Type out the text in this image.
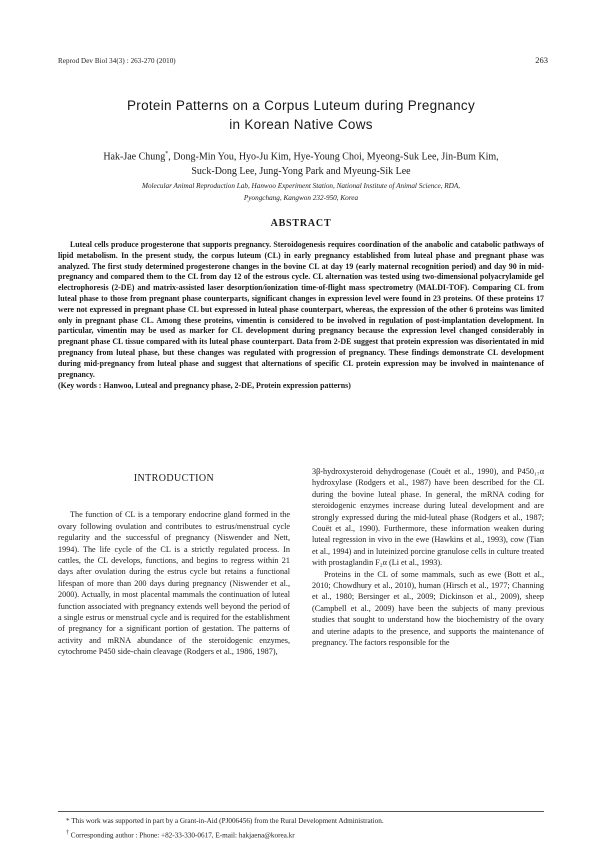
Reprod Dev Biol 34(3) : 263-270 (2010)	263
Protein Patterns on a Corpus Luteum during Pregnancy
in Korean Native Cows
Hak-Jae Chung*, Dong-Min You, Hyo-Ju Kim, Hye-Young Choi, Myeong-Suk Lee, Jin-Bum Kim,
Suck-Dong Lee, Jung-Yong Park and Myeung-Sik Lee
Molecular Animal Reproduction Lab, Hanwoo Experiment Station, National Institute of Animal Science, RDA,
Pyongchang, Kangwon 232-950, Korea
ABSTRACT

Luteal cells produce progesterone that supports pregnancy. Steroidogenesis requires coordination of the anabolic and catabolic pathways of lipid metabolism. In the present study, the corpus luteum (CL) in early pregnancy established from luteal phase and pregnant phase was analyzed. The first study determined progesterone changes in the bovine CL at day 19 (early maternal recognition period) and day 90 in mid-pregnancy and compared them to the CL from day 12 of the estrous cycle. CL alternation was tested using two-dimensional polyacrylamide gel electrophoresis (2-DE) and matrix-assisted laser desorption/ionization time-of-flight mass spectrometry (MALDI-TOF). Comparing CL from luteal phase to those from pregnant phase counterparts, significant changes in expression level were found in 23 proteins. Of these proteins 17 were not expressed in pregnant phase CL but expressed in luteal phase counterpart, whereas, the expression of the other 6 proteins was limited only in pregnant phase CL. Among these proteins, vimentin is considered to be involved in regulation of post-implantation development. In particular, vimentin may be used as marker for CL development during pregnancy because the expression level changed considerably in pregnant phase CL tissue compared with its luteal phase counterpart. Data from 2-DE suggest that protein expression was disorientated in mid pregnancy from luteal phase, but these changes was regulated with progression of pregnancy. These findings demonstrate CL development during mid-pregnancy from luteal phase and suggest that alternations of specific CL protein expression may be involved in maintenance of pregnancy.

(Key words : Hanwoo, Luteal and pregnancy phase, 2-DE, Protein expression patterns)
INTRODUCTION

The function of CL is a temporary endocrine gland formed in the ovary following ovulation and contributes to estrus/menstrual cycle regularity and the successful of pregnancy (Niswender and Nett, 1994). The life cycle of the CL is a strictly regulated process. In cattles, the CL develops, functions, and begins to regress within 21 days after ovulation during the estrus cycle but retains a functional lifespan of more than 200 days during pregnancy (Niswender et al., 2000). Actually, in most placental mammals the continuation of luteal function associated with pregnancy extends well beyond the period of a single estrus or menstrual cycle and is required for the establishment of pregnancy for a significant portion of gestation. The patterns of activity and mRNA abundance of the steroidogenic enzymes, cytochrome P450 side-chain cleavage (Rodgers et al., 1986, 1987),

3β-hydroxysteroid dehydrogenase (Couët et al., 1990), and P450₁₇α hydroxylase (Rodgers et al., 1987) have been described for the CL during the bovine luteal phase. In general, the mRNA coding for steroidogenic enzymes increase during luteal development and are strongly expressed during the mid-luteal phase (Rodgers et al., 1987; Couët et al., 1990). Furthermore, these information weaken during luteal regression in vivo in the ewe (Hawkins et al., 1993), cow (Tian et al., 1994) and in luteinized porcine granulose cells in culture treated with prostaglandin F₂α (Li et al., 1993).

Proteins in the CL of some mammals, such as ewe (Bott et al., 2010; Chowdhury et al., 2010), human (Hirsch et al., 1977; Channing et al., 1980; Bersinger et al., 2009; Dickinson et al., 2009), sheep (Campbell et al., 2009) have been the subjects of many previous studies that sought to understand how the biochemistry of the ovary and uterine adapts to the presence, and supports the maintenance of pregnancy. The factors responsible for the

* This work was supported in part by a Grant-in-Aid (PJ006456) from the Rural Development Administration.
† Corresponding author : Phone: +82-33-330-0617, E-mail: hakjaena@korea.kr
